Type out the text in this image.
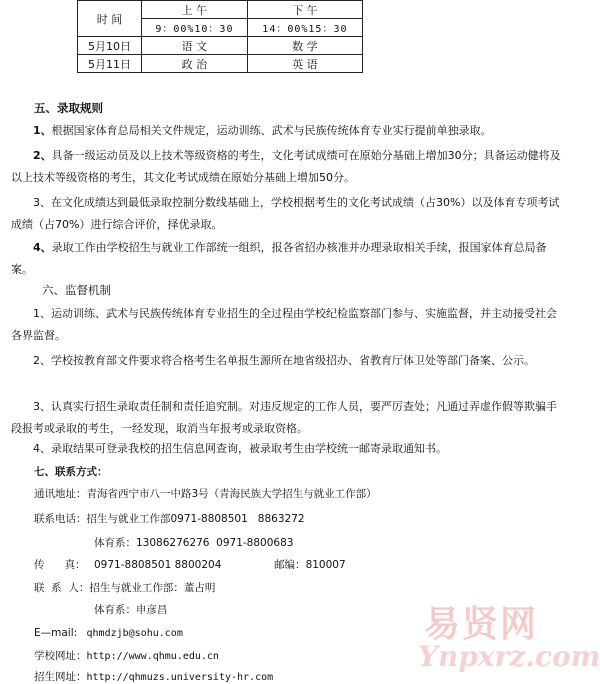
时 间	上 午	下 午
	9：00%10：30	14：00%15：30
5月10日	语 文	数 学
5月11日	政 治	英 语
五、录取规则
1、根据国家体育总局相关文件规定，运动训练、武术与民族传统体育专业实行提前单独录取。
2、具备一级运动员及以上技术等级资格的考生，文化考试成绩可在原始分基础上增加30分；具备运动健将及以上技术等级资格的考生，其文化考试成绩在原始分基础上增加50分。
3、在文化成绩达到最低录取控制分数线基础上，学校根据考生的文化考试成绩（占30%）以及体育专项考试成绩（占70%）进行综合评价，择优录取。
4、录取工作由学校招生与就业工作部统一组织，报各省招办核准并办理录取相关手续，报国家体育总局备案。
六、监督机制
1、运动训练、武术与民族传统体育专业招生的全过程由学校纪检监察部门参与、实施监督，并主动接受社会各界监督。
2、学校按教育部文件要求将合格考生名单报生源所在地省级招办、省教育厅体卫处等部门备案、公示。
3、认真实行招生录取责任制和责任追究制。对违反规定的工作人员，要严厉查处；凡通过弄虚作假等欺骗手段报考或录取的考生，一经发现，取消当年报考或录取资格。
4、录取结果可登录我校的招生信息网查询，被录取考生由学校统一邮寄录取通知书。
七、联系方式：
通讯地址：青海省西宁市八一中路3号（青海民族大学招生与就业工作部）
联系电话：招生与就业工作部0971-8808501   8863272
体育系：13086276276  0971-8800683
传      真： 0971-8808501 8800204	邮编：810007
联  系  人：招生与就业工作部：董占明
体育系：申彦昌
E—mail: qhmdzjb@sohu.com
学校网址：http://www.qhmu.edu.cn
招生网址：http://qhmuzs.university-hr.com
易贤网
Ynpxrz.com
